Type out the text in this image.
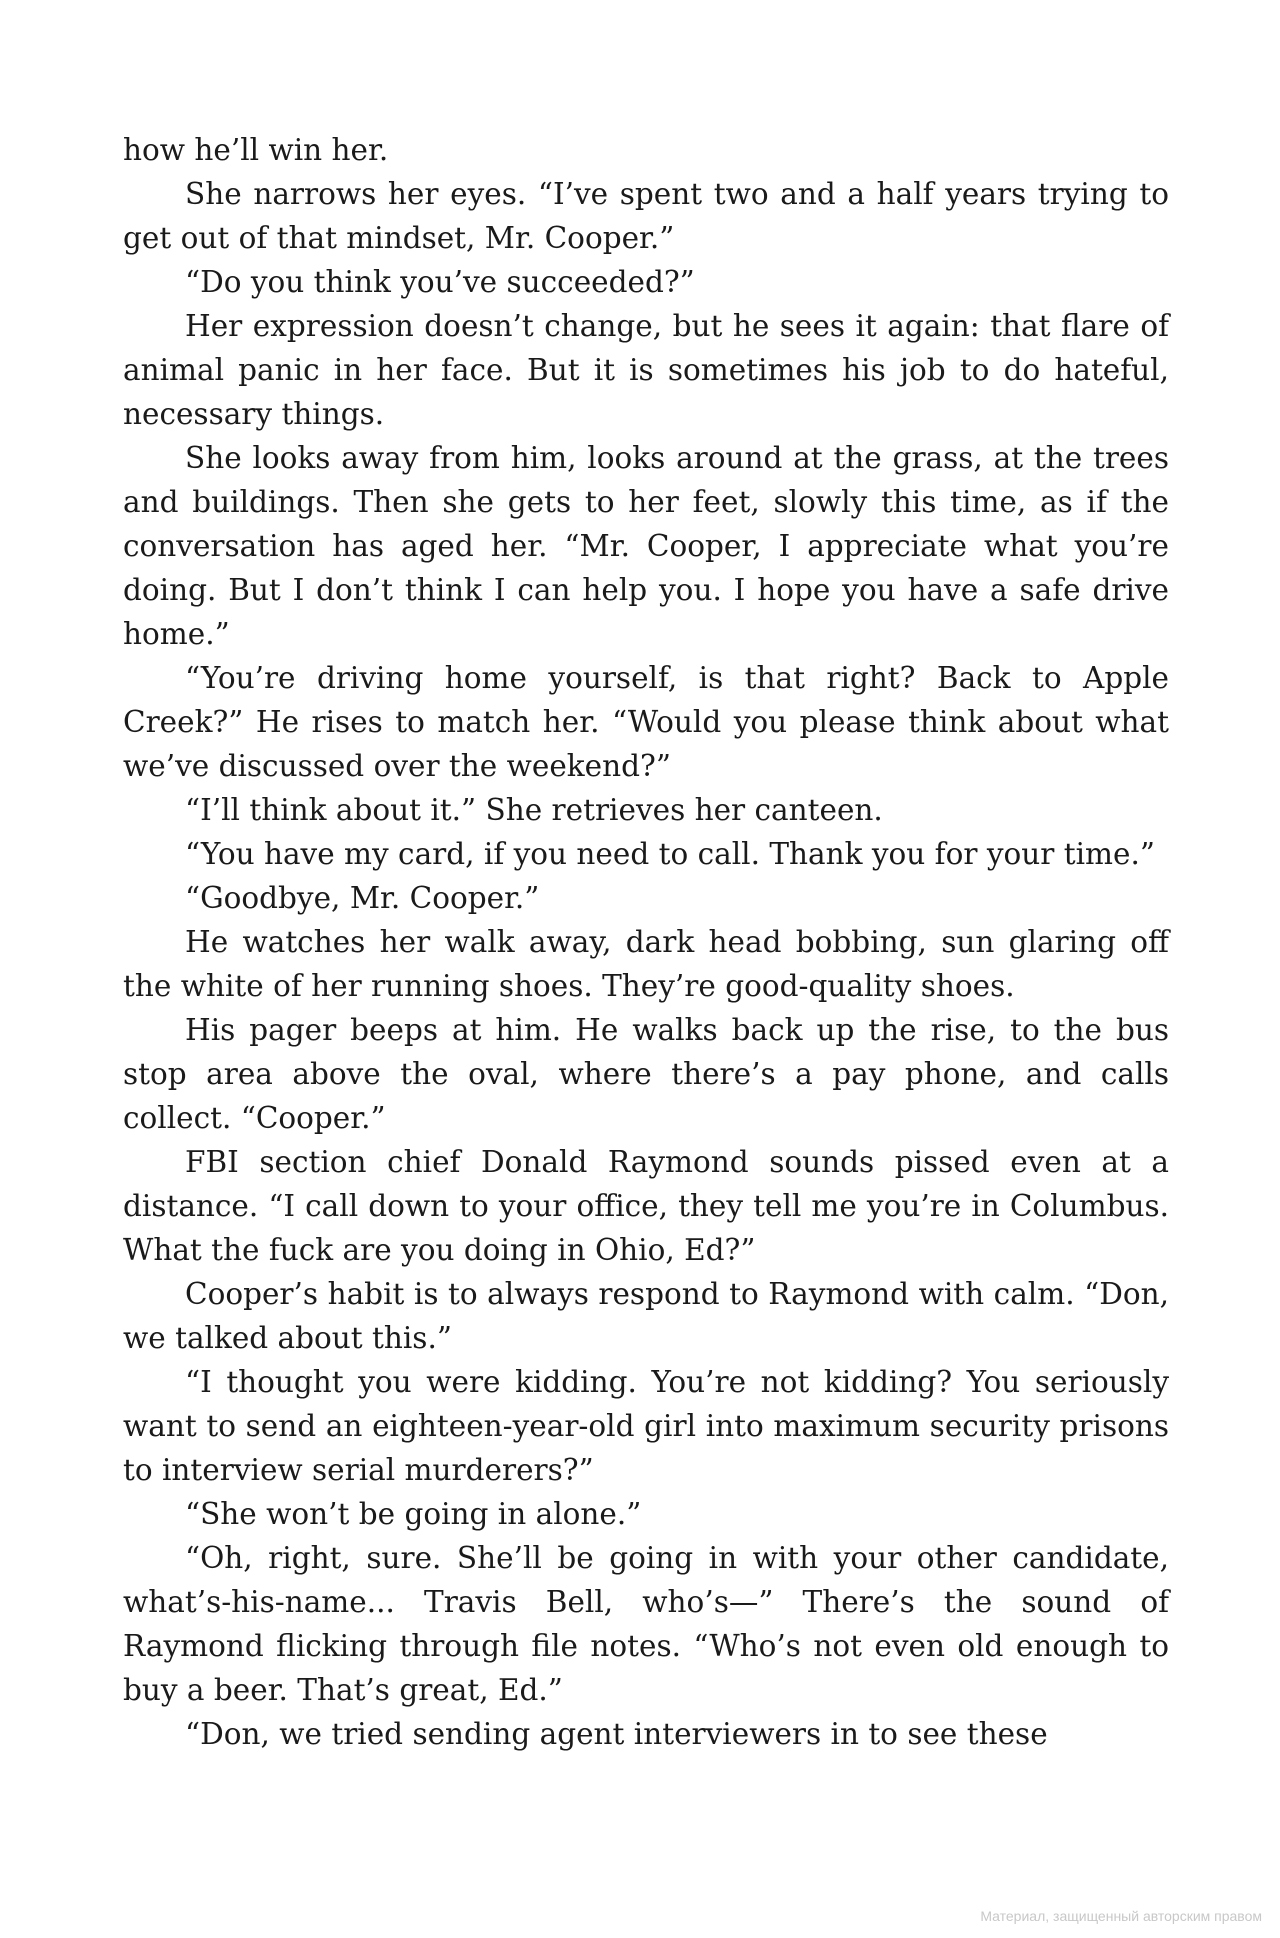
how he’ll win her.

She narrows her eyes. “I’ve spent two and a half years trying to get out of that mindset, Mr. Cooper.”

“Do you think you’ve succeeded?”

Her expression doesn’t change, but he sees it again: that flare of animal panic in her face. But it is sometimes his job to do hateful, necessary things.

She looks away from him, looks around at the grass, at the trees and buildings. Then she gets to her feet, slowly this time, as if the conversation has aged her. “Mr. Cooper, I appreciate what you’re doing. But I don’t think I can help you. I hope you have a safe drive home.”

“You’re driving home yourself, is that right? Back to Apple Creek?” He rises to match her. “Would you please think about what we’ve discussed over the weekend?”

“I’ll think about it.” She retrieves her canteen.

“You have my card, if you need to call. Thank you for your time.”

“Goodbye, Mr. Cooper.”

He watches her walk away, dark head bobbing, sun glaring off the white of her running shoes. They’re good-quality shoes.

His pager beeps at him. He walks back up the rise, to the bus stop area above the oval, where there’s a pay phone, and calls collect. “Cooper.”

FBI section chief Donald Raymond sounds pissed even at a distance. “I call down to your office, they tell me you’re in Columbus. What the fuck are you doing in Ohio, Ed?”

Cooper’s habit is to always respond to Raymond with calm. “Don, we talked about this.”

“I thought you were kidding. You’re not kidding? You seriously want to send an eighteen-year-old girl into maximum security prisons to interview serial murderers?”

“She won’t be going in alone.”

“Oh, right, sure. She’ll be going in with your other candidate, what’s-his-name... Travis Bell, who’s—” There’s the sound of Raymond flicking through file notes. “Who’s not even old enough to buy a beer. That’s great, Ed.”

“Don, we tried sending agent interviewers in to see these

Материал, защищенный авторским правом
